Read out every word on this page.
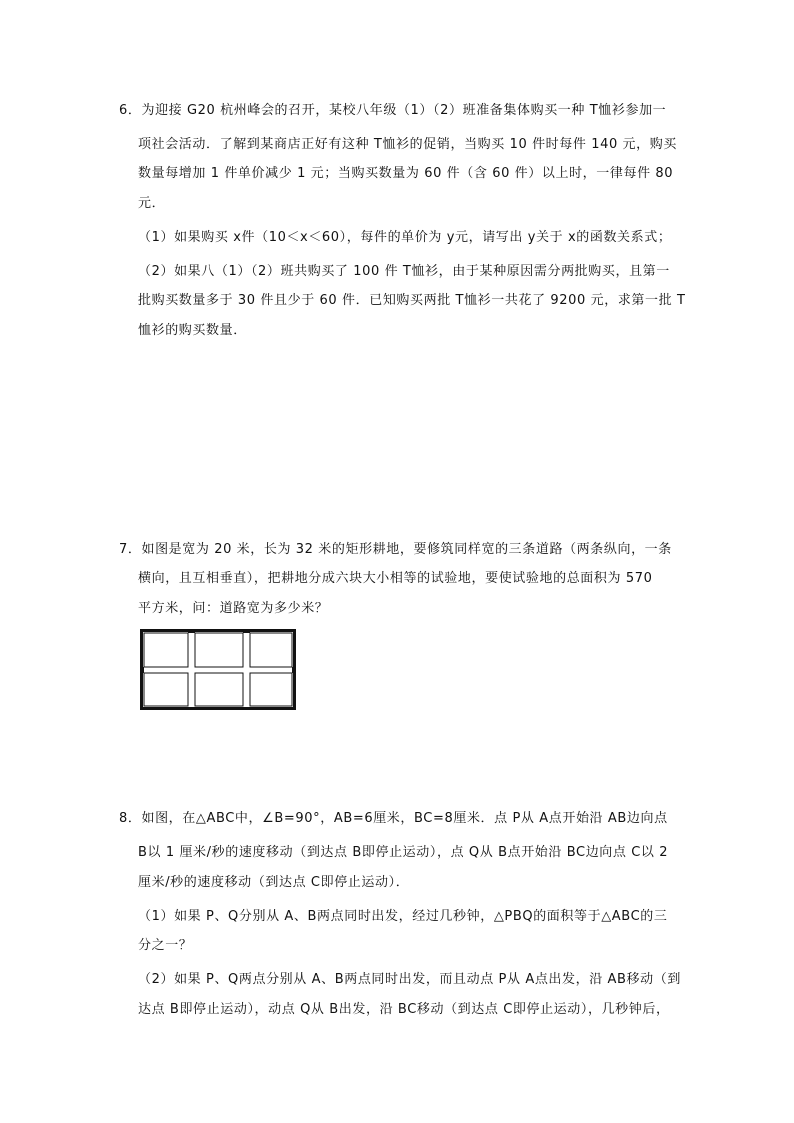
6．为迎接 G20 杭州峰会的召开，某校八年级（1）（2）班准备集体购买一种 T恤衫参加一
项社会活动．了解到某商店正好有这种 T恤衫的促销，当购买 10 件时每件 140 元，购买
数量每增加 1 件单价减少 1 元；当购买数量为 60 件（含 60 件）以上时，一律每件 80
元．
（1）如果购买 x件（10＜x＜60），每件的单价为 y元，请写出 y关于 x的函数关系式；
（2）如果八（1）（2）班共购买了 100 件 T恤衫，由于某种原因需分两批购买，且第一
批购买数量多于 30 件且少于 60 件．已知购买两批 T恤衫一共花了 9200 元，求第一批 T
恤衫的购买数量．
7．如图是宽为 20 米，长为 32 米的矩形耕地，要修筑同样宽的三条道路（两条纵向，一条
横向，且互相垂直），把耕地分成六块大小相等的试验地，要使试验地的总面积为 570
平方米，问：道路宽为多少米？
8．如图，在△ABC中，∠B=90°，AB=6厘米，BC=8厘米．点 P从 A点开始沿 AB边向点
B以 1 厘米/秒的速度移动（到达点 B即停止运动），点 Q从 B点开始沿 BC边向点 C以 2
厘米/秒的速度移动（到达点 C即停止运动）．
（1）如果 P、Q分别从 A、B两点同时出发，经过几秒钟，△PBQ的面积等于△ABC的三
分之一？
（2）如果 P、Q两点分别从 A、B两点同时出发，而且动点 P从 A点出发，沿 AB移动（到
达点 B即停止运动），动点 Q从 B出发，沿 BC移动（到达点 C即停止运动），几秒钟后，
